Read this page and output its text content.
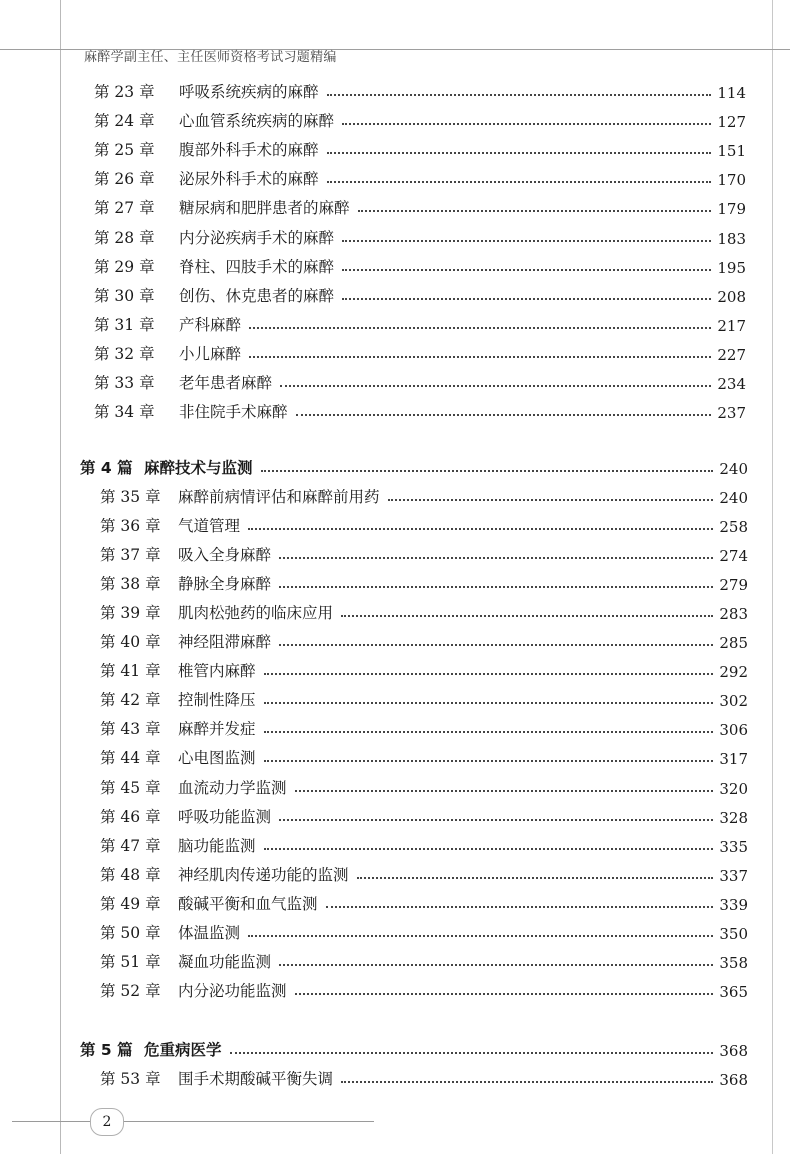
麻醉学副主任、主任医师资格考试习题精编
第 23 章	呼吸系统疾病的麻醉	114
第 24 章	心血管系统疾病的麻醉	127
第 25 章	腹部外科手术的麻醉	151
第 26 章	泌尿外科手术的麻醉	170
第 27 章	糖尿病和肥胖患者的麻醉	179
第 28 章	内分泌疾病手术的麻醉	183
第 29 章	脊柱、四肢手术的麻醉	195
第 30 章	创伤、休克患者的麻醉	208
第 31 章	产科麻醉	217
第 32 章	小儿麻醉	227
第 33 章	老年患者麻醉	234
第 34 章	非住院手术麻醉	237
第 4 篇 麻醉技术与监测	240
第 35 章	麻醉前病情评估和麻醉前用药	240
第 36 章	气道管理	258
第 37 章	吸入全身麻醉	274
第 38 章	静脉全身麻醉	279
第 39 章	肌肉松弛药的临床应用	283
第 40 章	神经阻滞麻醉	285
第 41 章	椎管内麻醉	292
第 42 章	控制性降压	302
第 43 章	麻醉并发症	306
第 44 章	心电图监测	317
第 45 章	血流动力学监测	320
第 46 章	呼吸功能监测	328
第 47 章	脑功能监测	335
第 48 章	神经肌肉传递功能的监测	337
第 49 章	酸碱平衡和血气监测	339
第 50 章	体温监测	350
第 51 章	凝血功能监测	358
第 52 章	内分泌功能监测	365
第 5 篇 危重病医学	368
第 53 章	围手术期酸碱平衡失调	368
2
